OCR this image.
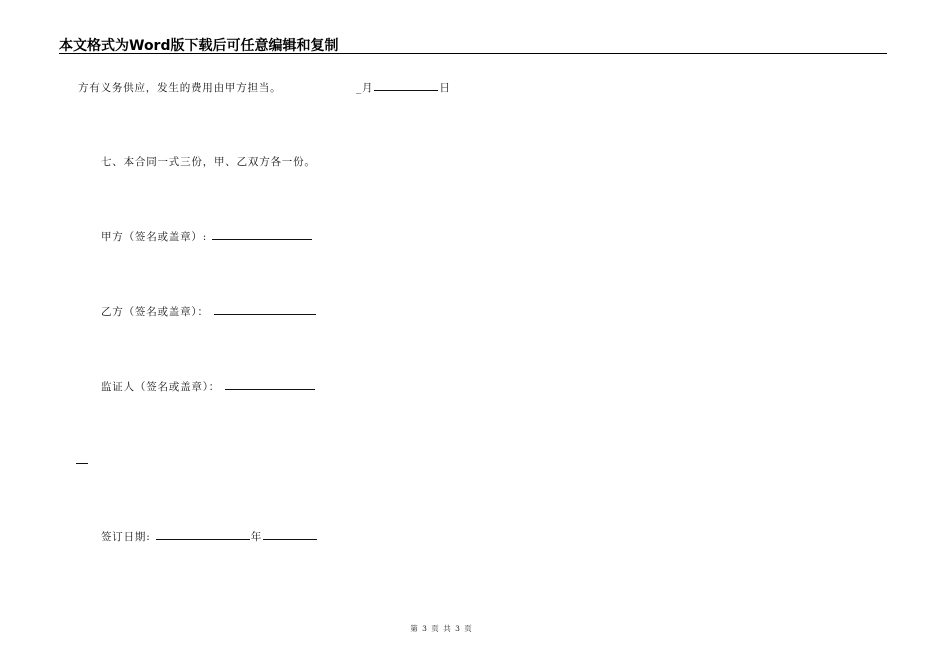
本文格式为Word版下载后可任意编辑和复制
方有义务供应，发生的费用由甲方担当。	_月	日
七、本合同一式三份，甲、乙双方各一份。
甲方（签名或盖章）:
乙方（签名或盖章）：
监证人（签名或盖章）：
签订日期:	年
第 3 页 共 3 页
